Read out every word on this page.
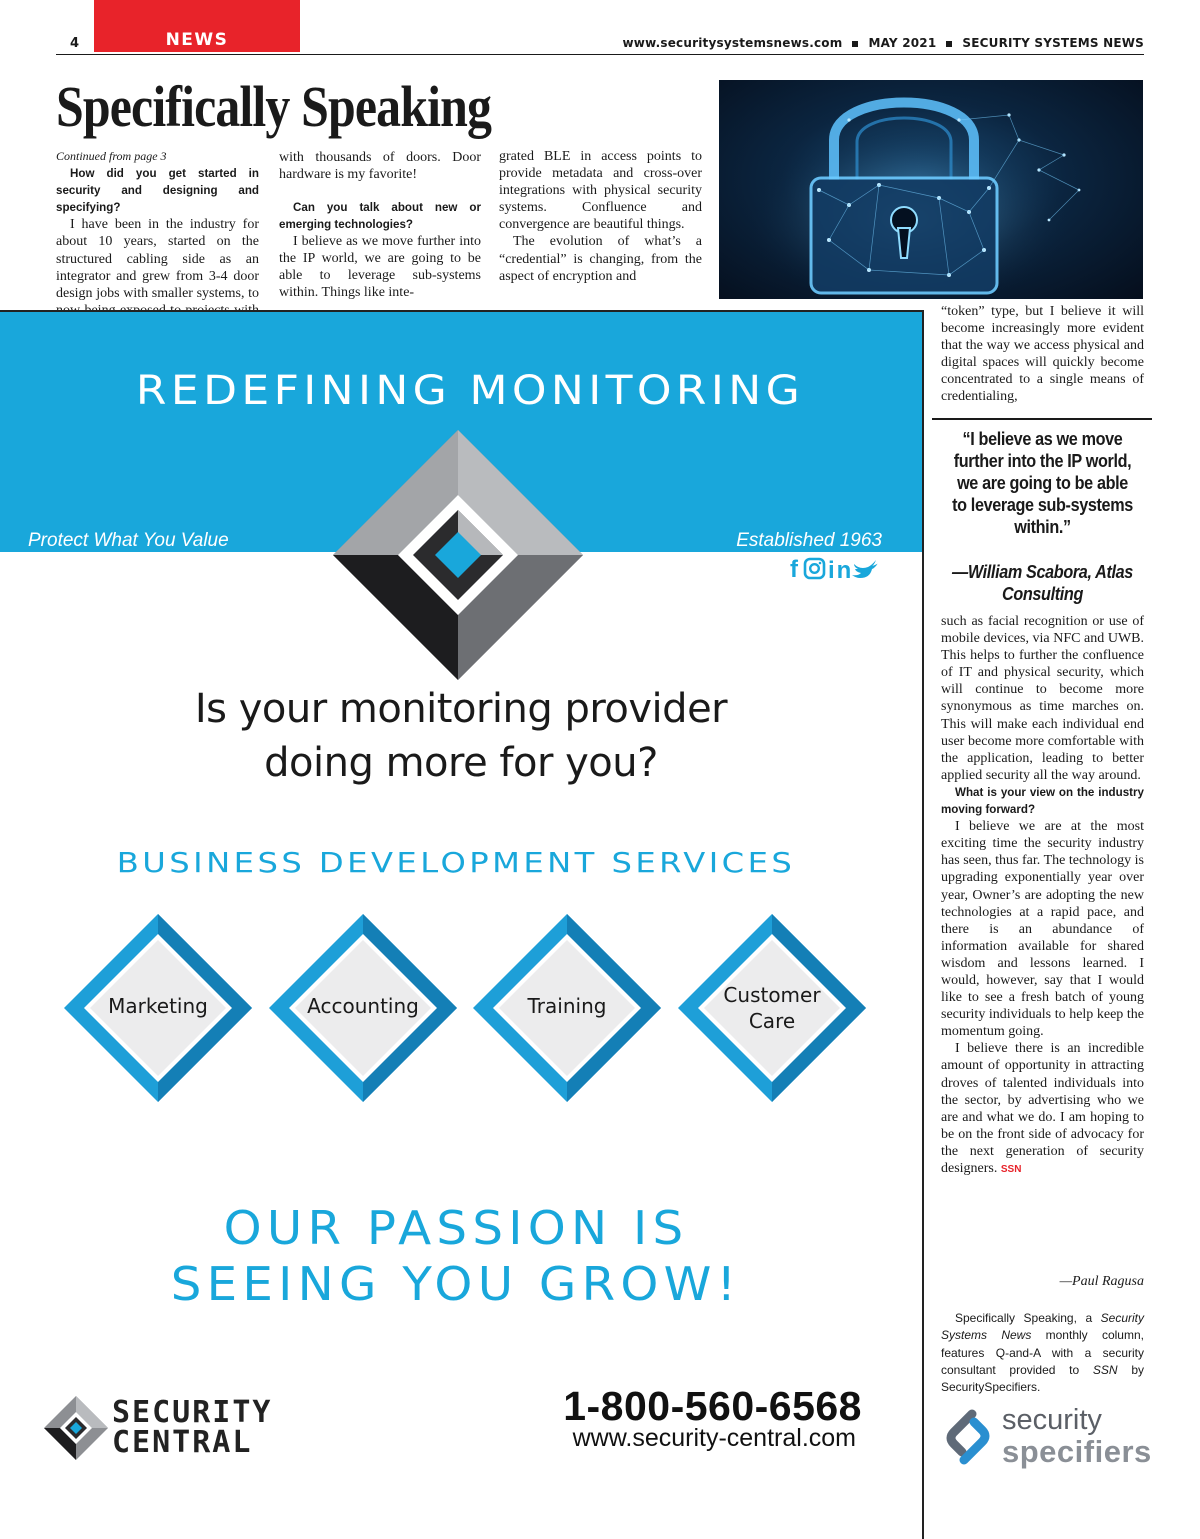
NEWS
4	www.securitysystemsnews.com MAY 2021 SECURITY SYSTEMS NEWS
Specifically Speaking

Continued from page 3

How did you get started in security and designing and specifying?

I have been in the industry for about 10 years, started on the structured cabling side as an integrator and grew from 3-4 door design jobs with smaller systems, to

with thousands of doors. Door hardware is my favorite!

Can you talk about new or emerging technologies?

I believe as we move further into the IP world, we are going to be able to leverage sub-systems within. Things like inte-

grated BLE in access points to provide metadata and cross-over integrations with physical security systems. Confluence and convergence are beautiful things.

The evolution of what’s a “credential” is changing, from the aspect of encryption and

“token” type, but I believe it will become increasingly more evident that the way we access physical and digital spaces will quickly become concentrated to a single means of credentialing,

“I believe as we move further into the IP world, we are going to be able to leverage sub-systems within.”
—William Scabora, Atlas Consulting

such as facial recognition or use of mobile devices, via NFC and UWB. This helps to further the confluence of IT and physical security, which will continue to become more synonymous as time marches on. This will make each individual end user become more comfortable with the application, leading to better applied security all the way around.

What is your view on the industry moving forward?

I believe we are at the most exciting time the security industry has seen, thus far. The technology is upgrading exponentially year over year, Owner’s are adopting the new technologies at a rapid pace, and there is an abundance of information available for shared wisdom and lessons learned. I would, however, say that I would like to see a fresh batch of young security individuals to help keep the momentum going.

I believe there is an incredible amount of opportunity in attracting droves of talented individuals into the sector, by advertising who we are and what we do. I am hoping to be on the front side of advocacy for the next generation of security designers. SSN

—Paul Ragusa

Specifically Speaking, a Security Systems News monthly column, features Q-and-A with a security consultant provided to SSN by SecuritySpecifiers.

security
specifiers
REDEFINING MONITORING
Protect What You Value	Established 1963
f in
Is your monitoring provider
doing more for you?
BUSINESS DEVELOPMENT SERVICES
Marketing	Accounting	Training	Customer Care
OUR PASSION IS
SEEING YOU GROW!
SECURITY
CENTRAL
1-800-560-6568
www.security-central.com
